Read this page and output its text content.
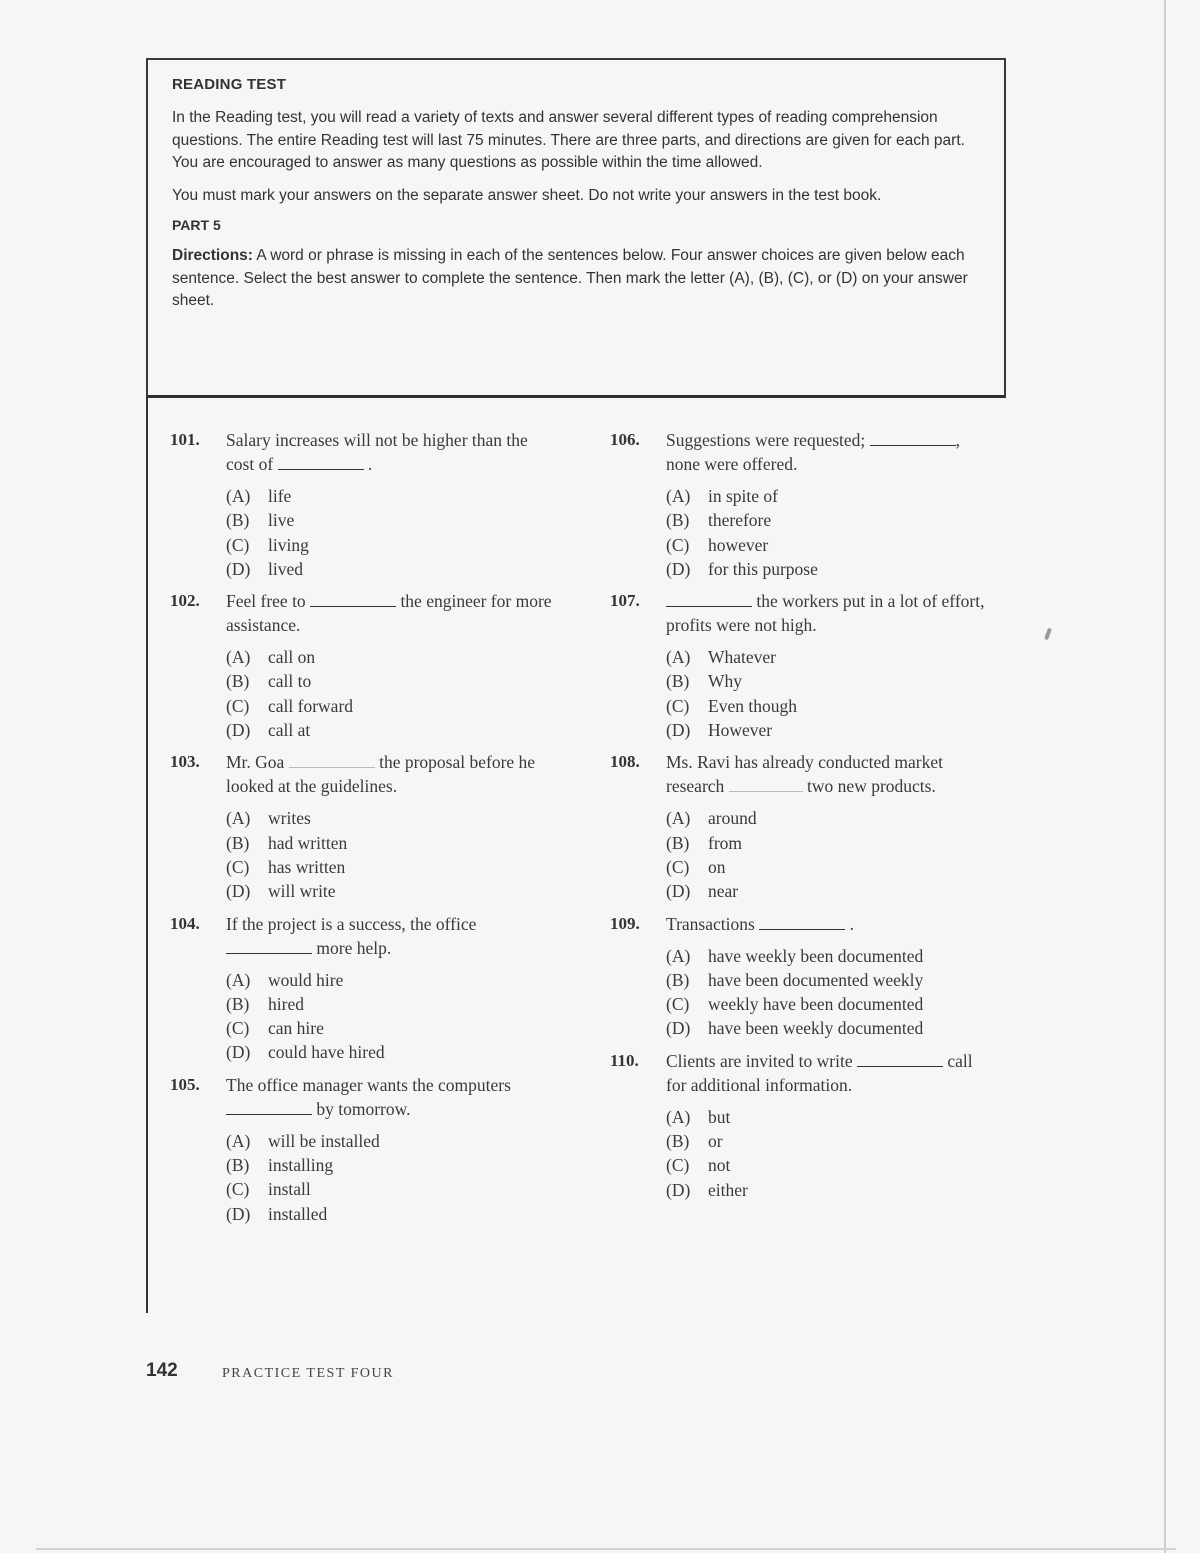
READING TEST

In the Reading test, you will read a variety of texts and answer several different types of reading comprehension questions. The entire Reading test will last 75 minutes. There are three parts, and directions are given for each part. You are encouraged to answer as many questions as possible within the time allowed.

You must mark your answers on the separate answer sheet. Do not write your answers in the test book.

PART 5

Directions: A word or phrase is missing in each of the sentences below. Four answer choices are given below each sentence. Select the best answer to complete the sentence. Then mark the letter (A), (B), (C), or (D) on your answer sheet.

101. Salary increases will not be higher than the cost of	.
(A) life
(B) live
(C) living
(D) lived
102. Feel free to	the engineer for more assistance.
(A) call on
(B) call to
(C) call forward
(D) call at
103. Mr. Goa	the proposal before he looked at the guidelines.
(A) writes
(B) had written
(C) has written
(D) will write
104. If the project is a success, the office  more help.
(A) would hire
(B) hired
(C) can hire
(D) could have hired
105. The office manager wants the computers  by tomorrow.
(A) will be installed
(B) installing
(C) install
(D) installed
106. Suggestions were requested;	, none were offered.
(A) in spite of
(B) therefore
(C) however
(D) for this purpose
107.	the workers put in a lot of effort, profits were not high.
(A) Whatever
(B) Why
(C) Even though
(D) However
108. Ms. Ravi has already conducted market research	two new products.
(A) around
(B) from
(C) on
(D) near
109. Transactions	.
(A) have weekly been documented
(B) have been documented weekly
(C) weekly have been documented
(D) have been weekly documented
110. Clients are invited to write	call for additional information.
(A) but
(B) or
(C) not
(D) either
142	PRACTICE TEST FOUR
